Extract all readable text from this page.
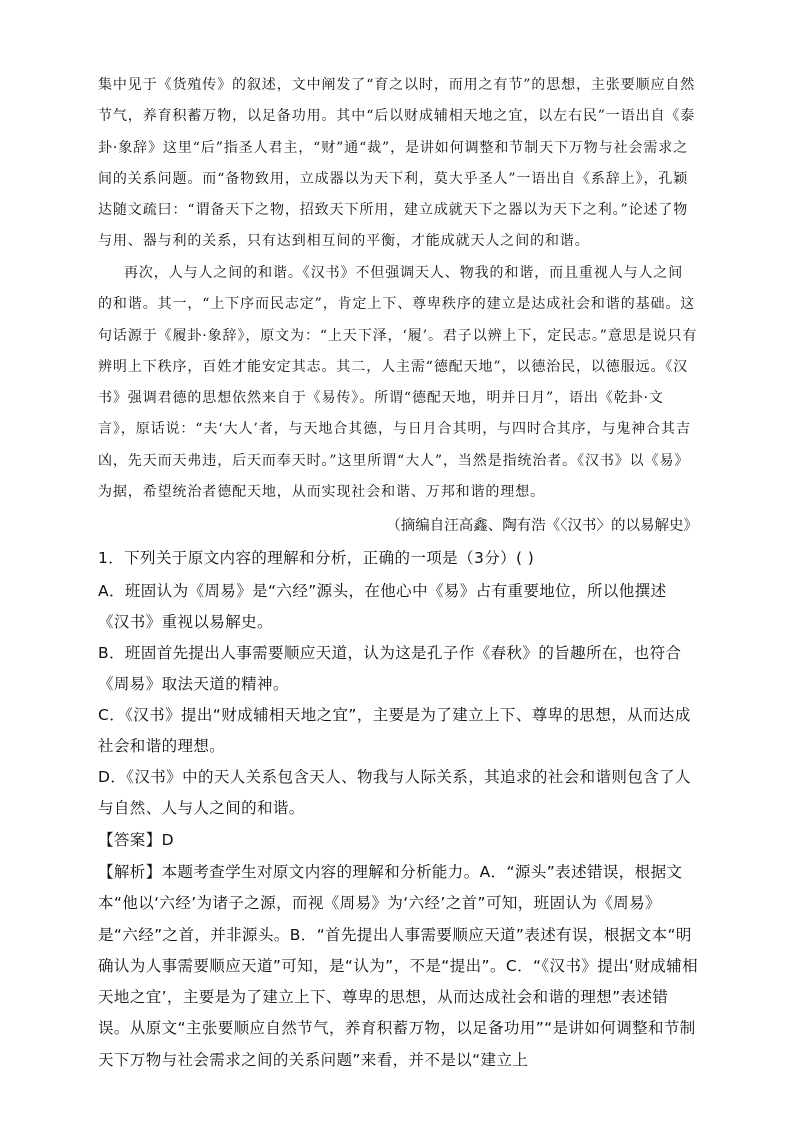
集中见于《货殖传》的叙述，文中阐发了“育之以时，而用之有节”的思想，主张要顺应自然节气，养育积蓄万物，以足备功用。其中“后以财成辅相天地之宜，以左右民”一语出自《泰卦·象辞》这里“后”指圣人君主，“财”通“裁”，是讲如何调整和节制天下万物与社会需求之间的关系问题。而“备物致用，立成器以为天下利，莫大乎圣人”一语出自《系辞上》，孔颖达随文疏曰：“谓备天下之物，招致天下所用，建立成就天下之器以为天下之利。”论述了物与用、器与利的关系，只有达到相互间的平衡，才能成就天人之间的和谐。
再次，人与人之间的和谐。《汉书》不但强调天人、物我的和谐，而且重视人与人之间的和谐。其一，“上下序而民志定”，肯定上下、尊卑秩序的建立是达成社会和谐的基础。这句话源于《履卦·象辞》，原文为：“上天下泽，‘履’。君子以辨上下，定民志。”意思是说只有辨明上下秩序，百姓才能安定其志。其二，人主需“德配天地”，以德治民，以德服远。《汉书》强调君德的思想依然来自于《易传》。所谓“德配天地，明并日月”，语出《乾卦·文言》，原话说：“夫‘大人’者，与天地合其德，与日月合其明，与四时合其序，与鬼神合其吉凶，先天而天弗违，后天而奉天时。”这里所谓“大人”，当然是指统治者。《汉书》以《易》为据，希望统治者德配天地，从而实现社会和谐、万邦和谐的理想。
（摘编自汪高鑫、陶有浩《〈汉书〉的以易解史》
1．下列关于原文内容的理解和分析，正确的一项是（3分）( )
A．班固认为《周易》是“六经”源头，在他心中《易》占有重要地位，所以他撰述《汉书》重视以易解史。
B．班固首先提出人事需要顺应天道，认为这是孔子作《春秋》的旨趣所在，也符合《周易》取法天道的精神。
C．《汉书》提出“财成辅相天地之宜”，主要是为了建立上下、尊卑的思想，从而达成社会和谐的理想。
D．《汉书》中的天人关系包含天人、物我与人际关系，其追求的社会和谐则包含了人与自然、人与人之间的和谐。
【答案】D
【解析】本题考查学生对原文内容的理解和分析能力。A．“源头”表述错误，根据文本“他以‘六经’为诸子之源，而视《周易》为‘六经’之首”可知，班固认为《周易》是“六经”之首，并非源头。B．“首先提出人事需要顺应天道”表述有误，根据文本“明确认为人事需要顺应天道”可知，是“认为”，不是“提出”。C．“《汉书》提出‘财成辅相天地之宜’，主要是为了建立上下、尊卑的思想，从而达成社会和谐的理想”表述错误。从原文“主张要顺应自然节气，养育积蓄万物，以足备功用”“是讲如何调整和节制天下万物与社会需求之间的关系问题”来看，并不是以“建立上
